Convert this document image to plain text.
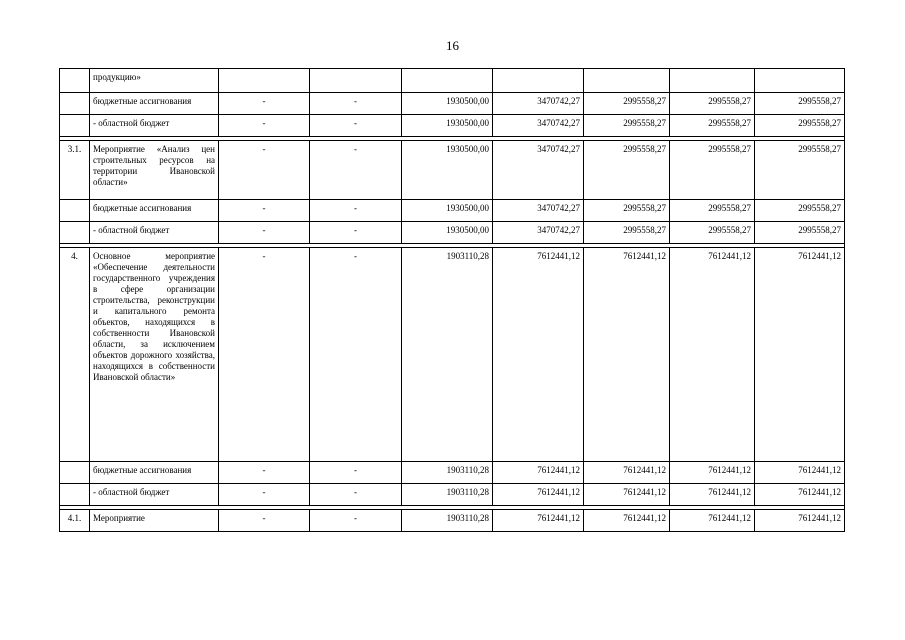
16
	продукцию»							
	бюджетные ассигнования	-	-	1930500,00	3470742,27	2995558,27	2995558,27	2995558,27
	- областной бюджет	-	-	1930500,00	3470742,27	2995558,27	2995558,27	2995558,27

3.1.	Мероприятие «Анализ цен строительных ресурсов на территории Ивановской области»	-	-	1930500,00	3470742,27	2995558,27	2995558,27	2995558,27
	бюджетные ассигнования	-	-	1930500,00	3470742,27	2995558,27	2995558,27	2995558,27
	- областной бюджет	-	-	1930500,00	3470742,27	2995558,27	2995558,27	2995558,27

4.	Основное мероприятие «Обеспечение деятельности государственного учреждения в сфере организации строительства, реконструкции и капитального ремонта объектов, находящихся в собственности Ивановской области, за исключением объектов дорожного хозяйства, находящихся в собственности Ивановской области»	-	-	1903110,28	7612441,12	7612441,12	7612441,12	7612441,12
	бюджетные ассигнования	-	-	1903110,28	7612441,12	7612441,12	7612441,12	7612441,12
	- областной бюджет	-	-	1903110,28	7612441,12	7612441,12	7612441,12	7612441,12

4.1.	Мероприятие	-	-	1903110,28	7612441,12	7612441,12	7612441,12	7612441,12
